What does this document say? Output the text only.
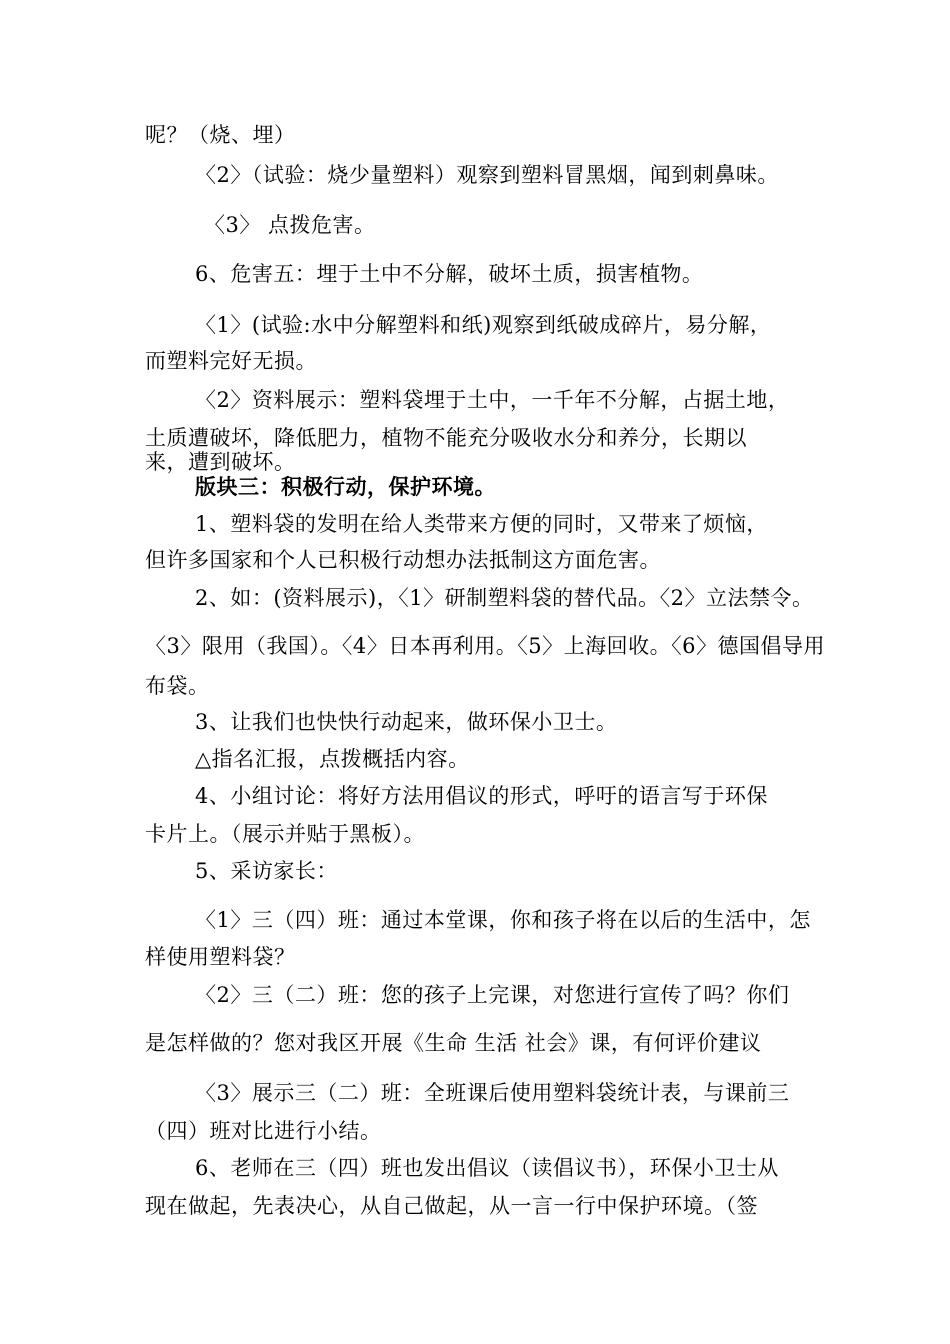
呢？（烧、埋）
〈2〉（试验：烧少量塑料）观察到塑料冒黑烟，闻到刺鼻味。
〈3〉 点拨危害。
6、危害五：埋于土中不分解，破坏土质，损害植物。
〈1〉(试验:水中分解塑料和纸)观察到纸破成碎片，易分解，
而塑料完好无损。
〈2〉资料展示：塑料袋埋于土中，一千年不分解，占据土地，
土质遭破坏，降低肥力，植物不能充分吸收水分和养分，长期以
来，遭到破坏。
版块三：积极行动，保护环境。
1、塑料袋的发明在给人类带来方便的同时，又带来了烦恼，
但许多国家和个人已积极行动想办法抵制这方面危害。
2、如：(资料展示)，〈1〉研制塑料袋的替代品。〈2〉立法禁令。
〈3〉限用（我国）。〈4〉日本再利用。〈5〉上海回收。〈6〉德国倡导用
布袋。
3、让我们也快快行动起来，做环保小卫士。
△指名汇报，点拨概括内容。
4、小组讨论：将好方法用倡议的形式，呼吁的语言写于环保
卡片上。（展示并贴于黑板）。
5、采访家长：
〈1〉三（四）班：通过本堂课，你和孩子将在以后的生活中，怎
样使用塑料袋？
〈2〉三（二）班：您的孩子上完课，对您进行宣传了吗？你们
是怎样做的？您对我区开展《生命 生活 社会》课，有何评价建议
〈3〉展示三（二）班：全班课后使用塑料袋统计表，与课前三
（四）班对比进行小结。
6、老师在三（四）班也发出倡议（读倡议书），环保小卫士从
现在做起，先表决心，从自己做起，从一言一行中保护环境。（签
